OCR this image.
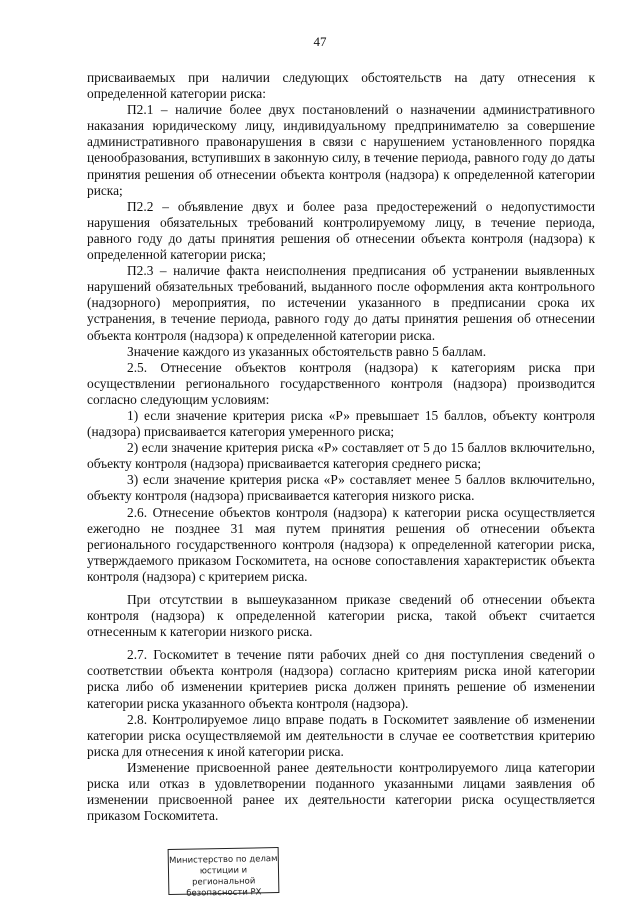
47

присваиваемых при наличии следующих обстоятельств на дату отнесения к определенной категории риска:

П2.1 – наличие более двух постановлений о назначении административного наказания юридическому лицу, индивидуальному предпринимателю за совершение административного правонарушения в связи с нарушением установленного порядка ценообразования, вступивших в законную силу, в течение периода, равного году до даты принятия решения об отнесении объекта контроля (надзора) к определенной категории риска;

П2.2 – объявление двух и более раза предостережений о недопустимости нарушения обязательных требований контролируемому лицу, в течение периода, равного году до даты принятия решения об отнесении объекта контроля (надзора) к определенной категории риска;

П2.3 – наличие факта неисполнения предписания об устранении выявленных нарушений обязательных требований, выданного после оформления акта контрольного (надзорного) мероприятия, по истечении указанного в предписании срока их устранения, в течение периода, равного году до даты принятия решения об отнесении объекта контроля (надзора) к определенной категории риска.

Значение каждого из указанных обстоятельств равно 5 баллам.

2.5. Отнесение объектов контроля (надзора) к категориям риска при осуществлении регионального государственного контроля (надзора) производится согласно следующим условиям:

1) если значение критерия риска «Р» превышает 15 баллов, объекту контроля (надзора) присваивается категория умеренного риска;

2) если значение критерия риска «Р» составляет от 5 до 15 баллов включительно, объекту контроля (надзора) присваивается категория среднего риска;

3) если значение критерия риска «Р» составляет менее 5 баллов включительно, объекту контроля (надзора) присваивается категория низкого риска.

2.6. Отнесение объектов контроля (надзора) к категории риска осуществляется ежегодно не позднее 31 мая путем принятия решения об отнесении объекта регионального государственного контроля (надзора) к определенной категории риска, утверждаемого приказом Госкомитета, на основе сопоставления характеристик объекта контроля (надзора) с критерием риска.

При отсутствии в вышеуказанном приказе сведений об отнесении объекта контроля (надзора) к определенной категории риска, такой объект считается отнесенным к категории низкого риска.

2.7. Госкомитет в течение пяти рабочих дней со дня поступления сведений о соответствии объекта контроля (надзора) согласно критериям риска иной категории риска либо об изменении критериев риска должен принять решение об изменении категории риска указанного объекта контроля (надзора).

2.8. Контролируемое лицо вправе подать в Госкомитет заявление об изменении категории риска осуществляемой им деятельности в случае ее соответствия критерию риска для отнесения к иной категории риска.

Изменение присвоенной ранее деятельности контролируемого лица категории риска или отказ в удовлетворении поданного указанными лицами заявления об изменении присвоенной ранее их деятельности категории риска осуществляется приказом Госкомитета.

Министерство по делам
юстиции и региональной
безопасности РХ
